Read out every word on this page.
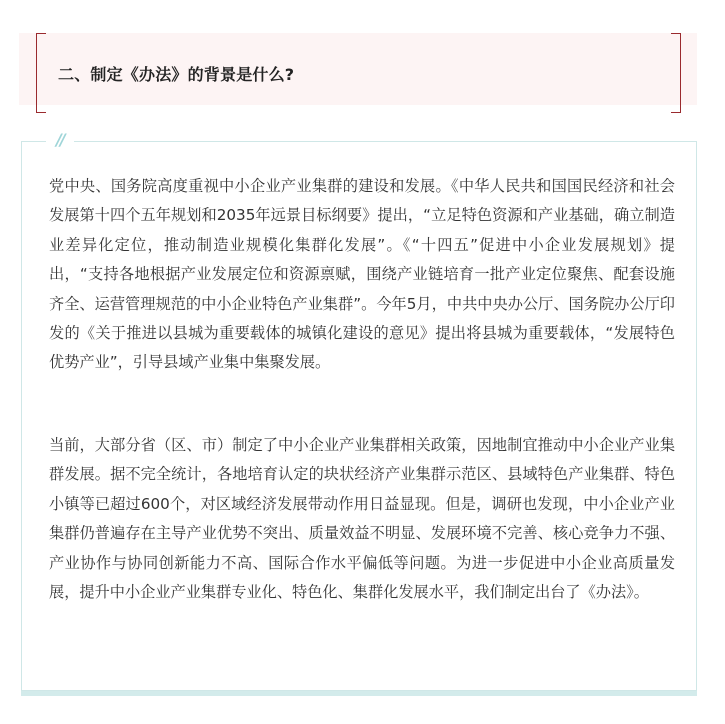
二、制定《办法》的背景是什么?
//

党中央、国务院高度重视中小企业产业集群的建设和发展。《中华人民共和国国民经济和社会发展第十四个五年规划和2035年远景目标纲要》提出，“立足特色资源和产业基础，确立制造业差异化定位，推动制造业规模化集群化发展”。《“十四五”促进中小企业发展规划》提出，“支持各地根据产业发展定位和资源禀赋，围绕产业链培育一批产业定位聚焦、配套设施齐全、运营管理规范的中小企业特色产业集群”。今年5月，中共中央办公厅、国务院办公厅印发的《关于推进以县城为重要载体的城镇化建设的意见》提出将县城为重要载体，“发展特色优势产业”，引导县域产业集中集聚发展。

当前，大部分省（区、市）制定了中小企业产业集群相关政策，因地制宜推动中小企业产业集群发展。据不完全统计，各地培育认定的块状经济产业集群示范区、县域特色产业集群、特色小镇等已超过600个，对区域经济发展带动作用日益显现。但是，调研也发现，中小企业产业集群仍普遍存在主导产业优势不突出、质量效益不明显、发展环境不完善、核心竞争力不强、产业协作与协同创新能力不高、国际合作水平偏低等问题。为进一步促进中小企业高质量发展，提升中小企业产业集群专业化、特色化、集群化发展水平，我们制定出台了《办法》。
